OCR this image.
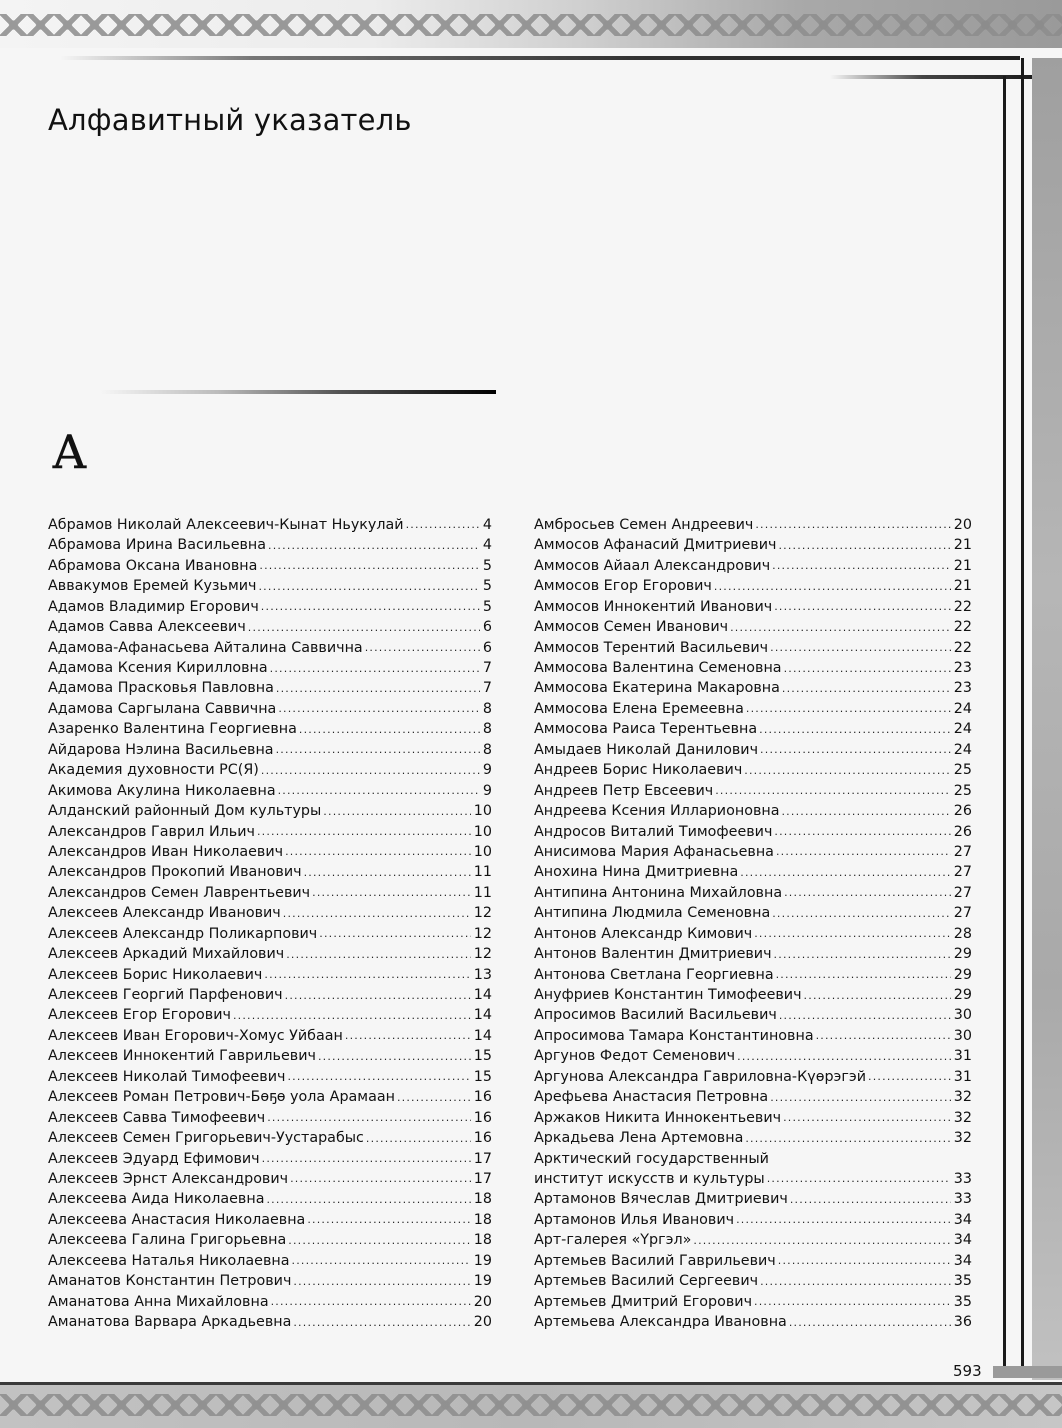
Алфавитный указатель
А
Абрамов Николай Алексеевич-Кынат Ньукулай .....	4
Абрамова Ирина Васильевна .....	4
Абрамова Оксана Ивановна .....	5
Аввакумов Еремей Кузьмич .....	5
Адамов Владимир Егорович .....	5
Адамов Савва Алексеевич .....	6
Адамова-Афанасьева Айталина Саввична .....	6
Адамова Ксения Кирилловна .....	7
Адамова Прасковья Павловна .....	7
Адамова Саргылана Саввична .....	8
Азаренко Валентина Георгиевна .....	8
Айдарова Нэлина Васильевна .....	8
Академия духовности РС(Я) .....	9
Акимова Акулина Николаевна .....	9
Алданский районный Дом культуры .....	10
Александров Гаврил Ильич .....	10
Александров Иван Николаевич .....	10
Александров Прокопий Иванович .....	11
Александров Семен Лаврентьевич .....	11
Алексеев Александр Иванович .....	12
Алексеев Александр Поликарпович .....	12
Алексеев Аркадий Михайлович .....	12
Алексеев Борис Николаевич .....	13
Алексеев Георгий Парфенович .....	14
Алексеев Егор Егорович .....	14
Алексеев Иван Егорович-Хомус Уйбаан .....	14
Алексеев Иннокентий Гаврильевич .....	15
Алексеев Николай Тимофеевич .....	15
Алексеев Роман Петрович-Бөҕө уола Арамаан .....	16
Алексеев Савва Тимофеевич .....	16
Алексеев Семен Григорьевич-Уустарабыс .....	16
Алексеев Эдуард Ефимович .....	17
Алексеев Эрнст Александрович .....	17
Алексеева Аида Николаевна .....	18
Алексеева Анастасия Николаевна .....	18
Алексеева Галина Григорьевна .....	18
Алексеева Наталья Николаевна .....	19
Аманатов Константин Петрович .....	19
Аманатова Анна Михайловна .....	20
Аманатова Варвара Аркадьевна .....	20
Амбросьев Семен Андреевич .....	20
Аммосов Афанасий Дмитриевич .....	21
Аммосов Айаал Александрович .....	21
Аммосов Егор Егорович .....	21
Аммосов Иннокентий Иванович .....	22
Аммосов Семен Иванович .....	22
Аммосов Терентий Васильевич .....	22
Аммосова Валентина Семеновна .....	23
Аммосова Екатерина Макаровна .....	23
Аммосова Елена Еремеевна .....	24
Аммосова Раиса Терентьевна .....	24
Амыдаев Николай Данилович .....	24
Андреев Борис Николаевич .....	25
Андреев Петр Евсеевич .....	25
Андреева Ксения Илларионовна .....	26
Андросов Виталий Тимофеевич .....	26
Анисимова Мария Афанасьевна .....	27
Анохина Нина Дмитриевна .....	27
Антипина Антонина Михайловна .....	27
Антипина Людмила Семеновна .....	27
Антонов Александр Кимович .....	28
Антонов Валентин Дмитриевич .....	29
Антонова Светлана Георгиевна .....	29
Ануфриев Константин Тимофеевич .....	29
Апросимов Василий Васильевич .....	30
Апросимова Тамара Константиновна .....	30
Аргунов Федот Семенович .....	31
Аргунова Александра Гавриловна-Күөрэгэй .....	31
Арефьева Анастасия Петровна .....	32
Аржаков Никита Иннокентьевич .....	32
Аркадьева Лена Артемовна .....	32
Арктический государственный
институт искусств и культуры .....	33
Артамонов Вячеслав Дмитриевич .....	33
Артамонов Илья Иванович .....	34
Арт-галерея «Үргэл» .....	34
Артемьев Василий Гаврильевич .....	34
Артемьев Василий Сергеевич .....	35
Артемьев Дмитрий Егорович .....	35
Артемьева Александра Ивановна .....	36
593
